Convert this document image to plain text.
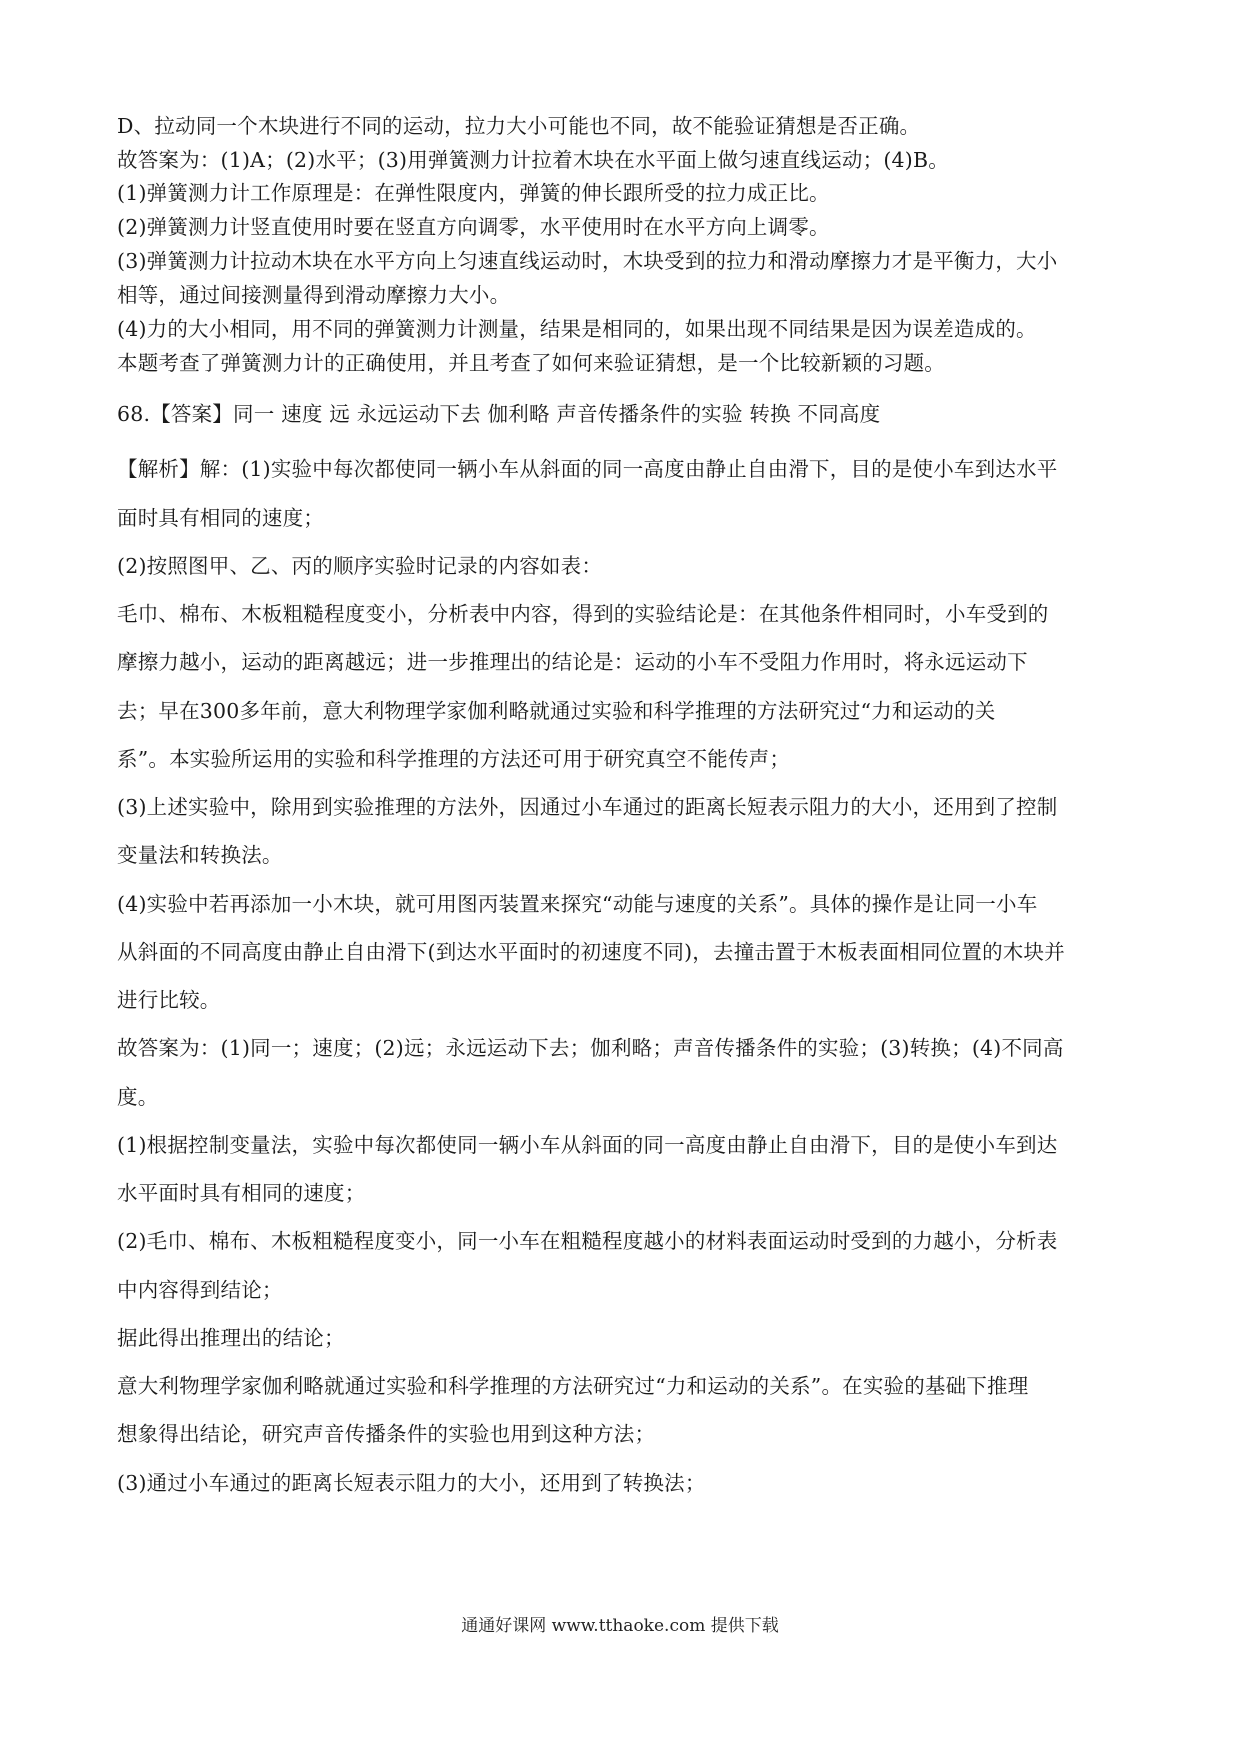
D、拉动同一个木块进行不同的运动，拉力大小可能也不同，故不能验证猜想是否正确。
故答案为：(1)A；(2)水平；(3)用弹簧测力计拉着木块在水平面上做匀速直线运动；(4)B。
(1)弹簧测力计工作原理是：在弹性限度内，弹簧的伸长跟所受的拉力成正比。
(2)弹簧测力计竖直使用时要在竖直方向调零，水平使用时在水平方向上调零。
(3)弹簧测力计拉动木块在水平方向上匀速直线运动时，木块受到的拉力和滑动摩擦力才是平衡力，大小
相等，通过间接测量得到滑动摩擦力大小。
(4)力的大小相同，用不同的弹簧测力计测量，结果是相同的，如果出现不同结果是因为误差造成的。
本题考查了弹簧测力计的正确使用，并且考查了如何来验证猜想，是一个比较新颖的习题。
68.【答案】同一 速度 远 永远运动下去 伽利略 声音传播条件的实验 转换 不同高度
【解析】解：(1)实验中每次都使同一辆小车从斜面的同一高度由静止自由滑下，目的是使小车到达水平
面时具有相同的速度；
(2)按照图甲、乙、丙的顺序实验时记录的内容如表：
毛巾、棉布、木板粗糙程度变小，分析表中内容，得到的实验结论是：在其他条件相同时，小车受到的
摩擦力越小，运动的距离越远；进一步推理出的结论是：运动的小车不受阻力作用时，将永远运动下
去；早在300多年前，意大利物理学家伽利略就通过实验和科学推理的方法研究过“力和运动的关
系”。本实验所运用的实验和科学推理的方法还可用于研究真空不能传声；
(3)上述实验中，除用到实验推理的方法外，因通过小车通过的距离长短表示阻力的大小，还用到了控制
变量法和转换法。
(4)实验中若再添加一小木块，就可用图丙装置来探究“动能与速度的关系”。具体的操作是让同一小车
从斜面的不同高度由静止自由滑下(到达水平面时的初速度不同)，去撞击置于木板表面相同位置的木块并
进行比较。
故答案为：(1)同一；速度；(2)远；永远运动下去；伽利略；声音传播条件的实验；(3)转换；(4)不同高
度。
(1)根据控制变量法，实验中每次都使同一辆小车从斜面的同一高度由静止自由滑下，目的是使小车到达
水平面时具有相同的速度；
(2)毛巾、棉布、木板粗糙程度变小，同一小车在粗糙程度越小的材料表面运动时受到的力越小，分析表
中内容得到结论；
据此得出推理出的结论；
意大利物理学家伽利略就通过实验和科学推理的方法研究过“力和运动的关系”。在实验的基础下推理
想象得出结论，研究声音传播条件的实验也用到这种方法；
(3)通过小车通过的距离长短表示阻力的大小，还用到了转换法；
通通好课网 www.tthaoke.com 提供下载
